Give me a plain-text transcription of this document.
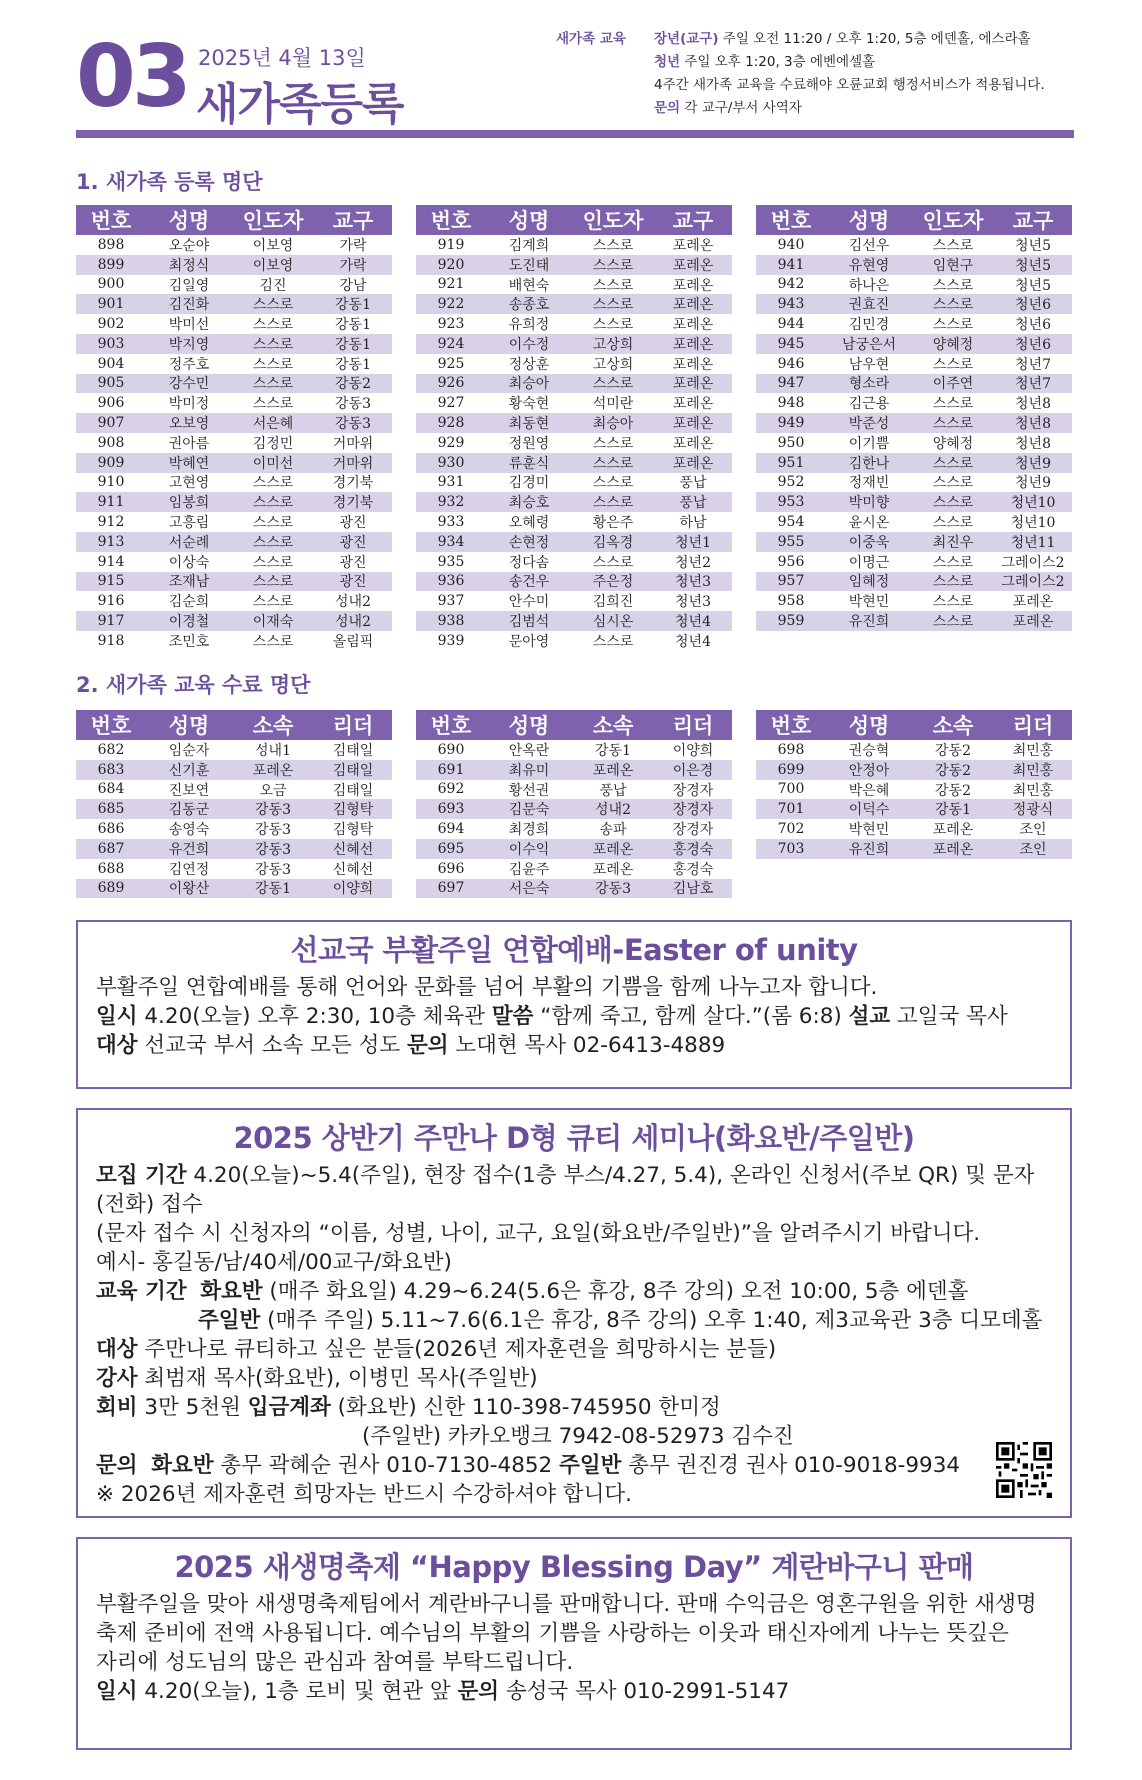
03 2025년 4월 13일
새가족등록
새가족 교육 장년(교구) 주일 오전 11:20 / 오후 1:20, 5층 에덴홀, 에스라홀
청년 주일 오후 1:20, 3층 에벤에셀홀
4주간 새가족 교육을 수료해야 오륜교회 행정서비스가 적용됩니다.
문의 각 교구/부서 사역자
1. 새가족 등록 명단
번호	성명	인도자	교구
898	오순야	이보영	가락
899	최정식	이보영	가락
900	김일영	김진	강남
901	김진화	스스로	강동1
902	박미선	스스로	강동1
903	박지영	스스로	강동1
904	정주호	스스로	강동1
905	강수민	스스로	강동2
906	박미정	스스로	강동3
907	오보영	서은혜	강동3
908	권아름	김정민	거마위
909	박혜연	이미선	거마위
910	고현영	스스로	경기북
911	임봉희	스스로	경기북
912	고흥림	스스로	광진
913	서순례	스스로	광진
914	이상숙	스스로	광진
915	조재남	스스로	광진
916	김순희	스스로	성내2
917	이경철	이재숙	성내2
918	조민호	스스로	올림픽
번호	성명	인도자	교구
919	김계희	스스로	포레온
920	도진태	스스로	포레온
921	배현숙	스스로	포레온
922	송종호	스스로	포레온
923	유희정	스스로	포레온
924	이수정	고상희	포레온
925	정상훈	고상희	포레온
926	최승아	스스로	포레온
927	황숙현	석미란	포레온
928	최동현	최승아	포레온
929	정원영	스스로	포레온
930	류훈식	스스로	포레온
931	김경미	스스로	풍납
932	최승호	스스로	풍납
933	오혜령	황은주	하남
934	손현정	김옥경	청년1
935	정다솜	스스로	청년2
936	송건우	주은정	청년3
937	안수미	김희진	청년3
938	김범석	심시온	청년4
939	문아영	스스로	청년4
번호	성명	인도자	교구
940	김선우	스스로	청년5
941	유현영	임현구	청년5
942	하나은	스스로	청년5
943	권효진	스스로	청년6
944	김민경	스스로	청년6
945	남궁은서	양혜정	청년6
946	남우현	스스로	청년7
947	형소라	이주연	청년7
948	김근용	스스로	청년8
949	박준성	스스로	청년8
950	이기쁨	양혜정	청년8
951	김한나	스스로	청년9
952	정재빈	스스로	청년9
953	박미향	스스로	청년10
954	윤시온	스스로	청년10
955	이중욱	최진우	청년11
956	이명근	스스로	그레이스2
957	임혜정	스스로	그레이스2
958	박현민	스스로	포레온
959	유진희	스스로	포레온
2. 새가족 교육 수료 명단
번호	성명	소속	리더
682	임순자	성내1	김태일
683	신기훈	포레온	김태일
684	진보연	오금	김태일
685	김동군	강동3	김형탁
686	송영숙	강동3	김형탁
687	유건희	강동3	신혜선
688	김연정	강동3	신혜선
689	이왕산	강동1	이양희
번호	성명	소속	리더
690	안옥란	강동1	이양희
691	최유미	포레온	이은경
692	황선권	풍납	장경자
693	김문숙	성내2	장경자
694	최경희	송파	장경자
695	이수익	포레온	홍경숙
696	김윤주	포레온	홍경숙
697	서은숙	강동3	김남호
번호	성명	소속	리더
698	권승혁	강동2	최민홍
699	안정아	강동2	최민홍
700	박은혜	강동2	최민홍
701	이덕수	강동1	정광식
702	박현민	포레온	조인
703	유진희	포레온	조인
선교국 부활주일 연합예배-Easter of unity
부활주일 연합예배를 통해 언어와 문화를 넘어 부활의 기쁨을 함께 나누고자 합니다.
일시 4.20(오늘) 오후 2:30, 10층 체육관 말씀 “함께 죽고, 함께 살다.”(롬 6:8) 설교 고일국 목사
대상 선교국 부서 소속 모든 성도 문의 노대현 목사 02-6413-4889
2025 상반기 주만나 D형 큐티 세미나(화요반/주일반)
모집 기간 4.20(오늘)~5.4(주일), 현장 접수(1층 부스/4.27, 5.4), 온라인 신청서(주보 QR) 및 문자(전화) 접수
(문자 접수 시 신청자의 “이름, 성별, 나이, 교구, 요일(화요반/주일반)”을 알려주시기 바랍니다.
예시- 홍길동/남/40세/00교구/화요반)
교육 기간 화요반 (매주 화요일) 4.29~6.24(5.6은 휴강, 8주 강의) 오전 10:00, 5층 에덴홀
주일반 (매주 주일) 5.11~7.6(6.1은 휴강, 8주 강의) 오후 1:40, 제3교육관 3층 디모데홀
대상 주만나로 큐티하고 싶은 분들(2026년 제자훈련을 희망하시는 분들)
강사 최범재 목사(화요반), 이병민 목사(주일반)
회비 3만 5천원 입금계좌 (화요반) 신한 110-398-745950 한미정
(주일반) 카카오뱅크 7942-08-52973 김수진
문의 화요반 총무 곽혜순 권사 010-7130-4852 주일반 총무 권진경 권사 010-9018-9934
※ 2026년 제자훈련 희망자는 반드시 수강하셔야 합니다.
2025 새생명축제 “Happy Blessing Day” 계란바구니 판매
부활주일을 맞아 새생명축제팀에서 계란바구니를 판매합니다. 판매 수익금은 영혼구원을 위한 새생명
축제 준비에 전액 사용됩니다. 예수님의 부활의 기쁨을 사랑하는 이웃과 태신자에게 나누는 뜻깊은
자리에 성도님의 많은 관심과 참여를 부탁드립니다.
일시 4.20(오늘), 1층 로비 및 현관 앞 문의 송성국 목사 010-2991-5147
